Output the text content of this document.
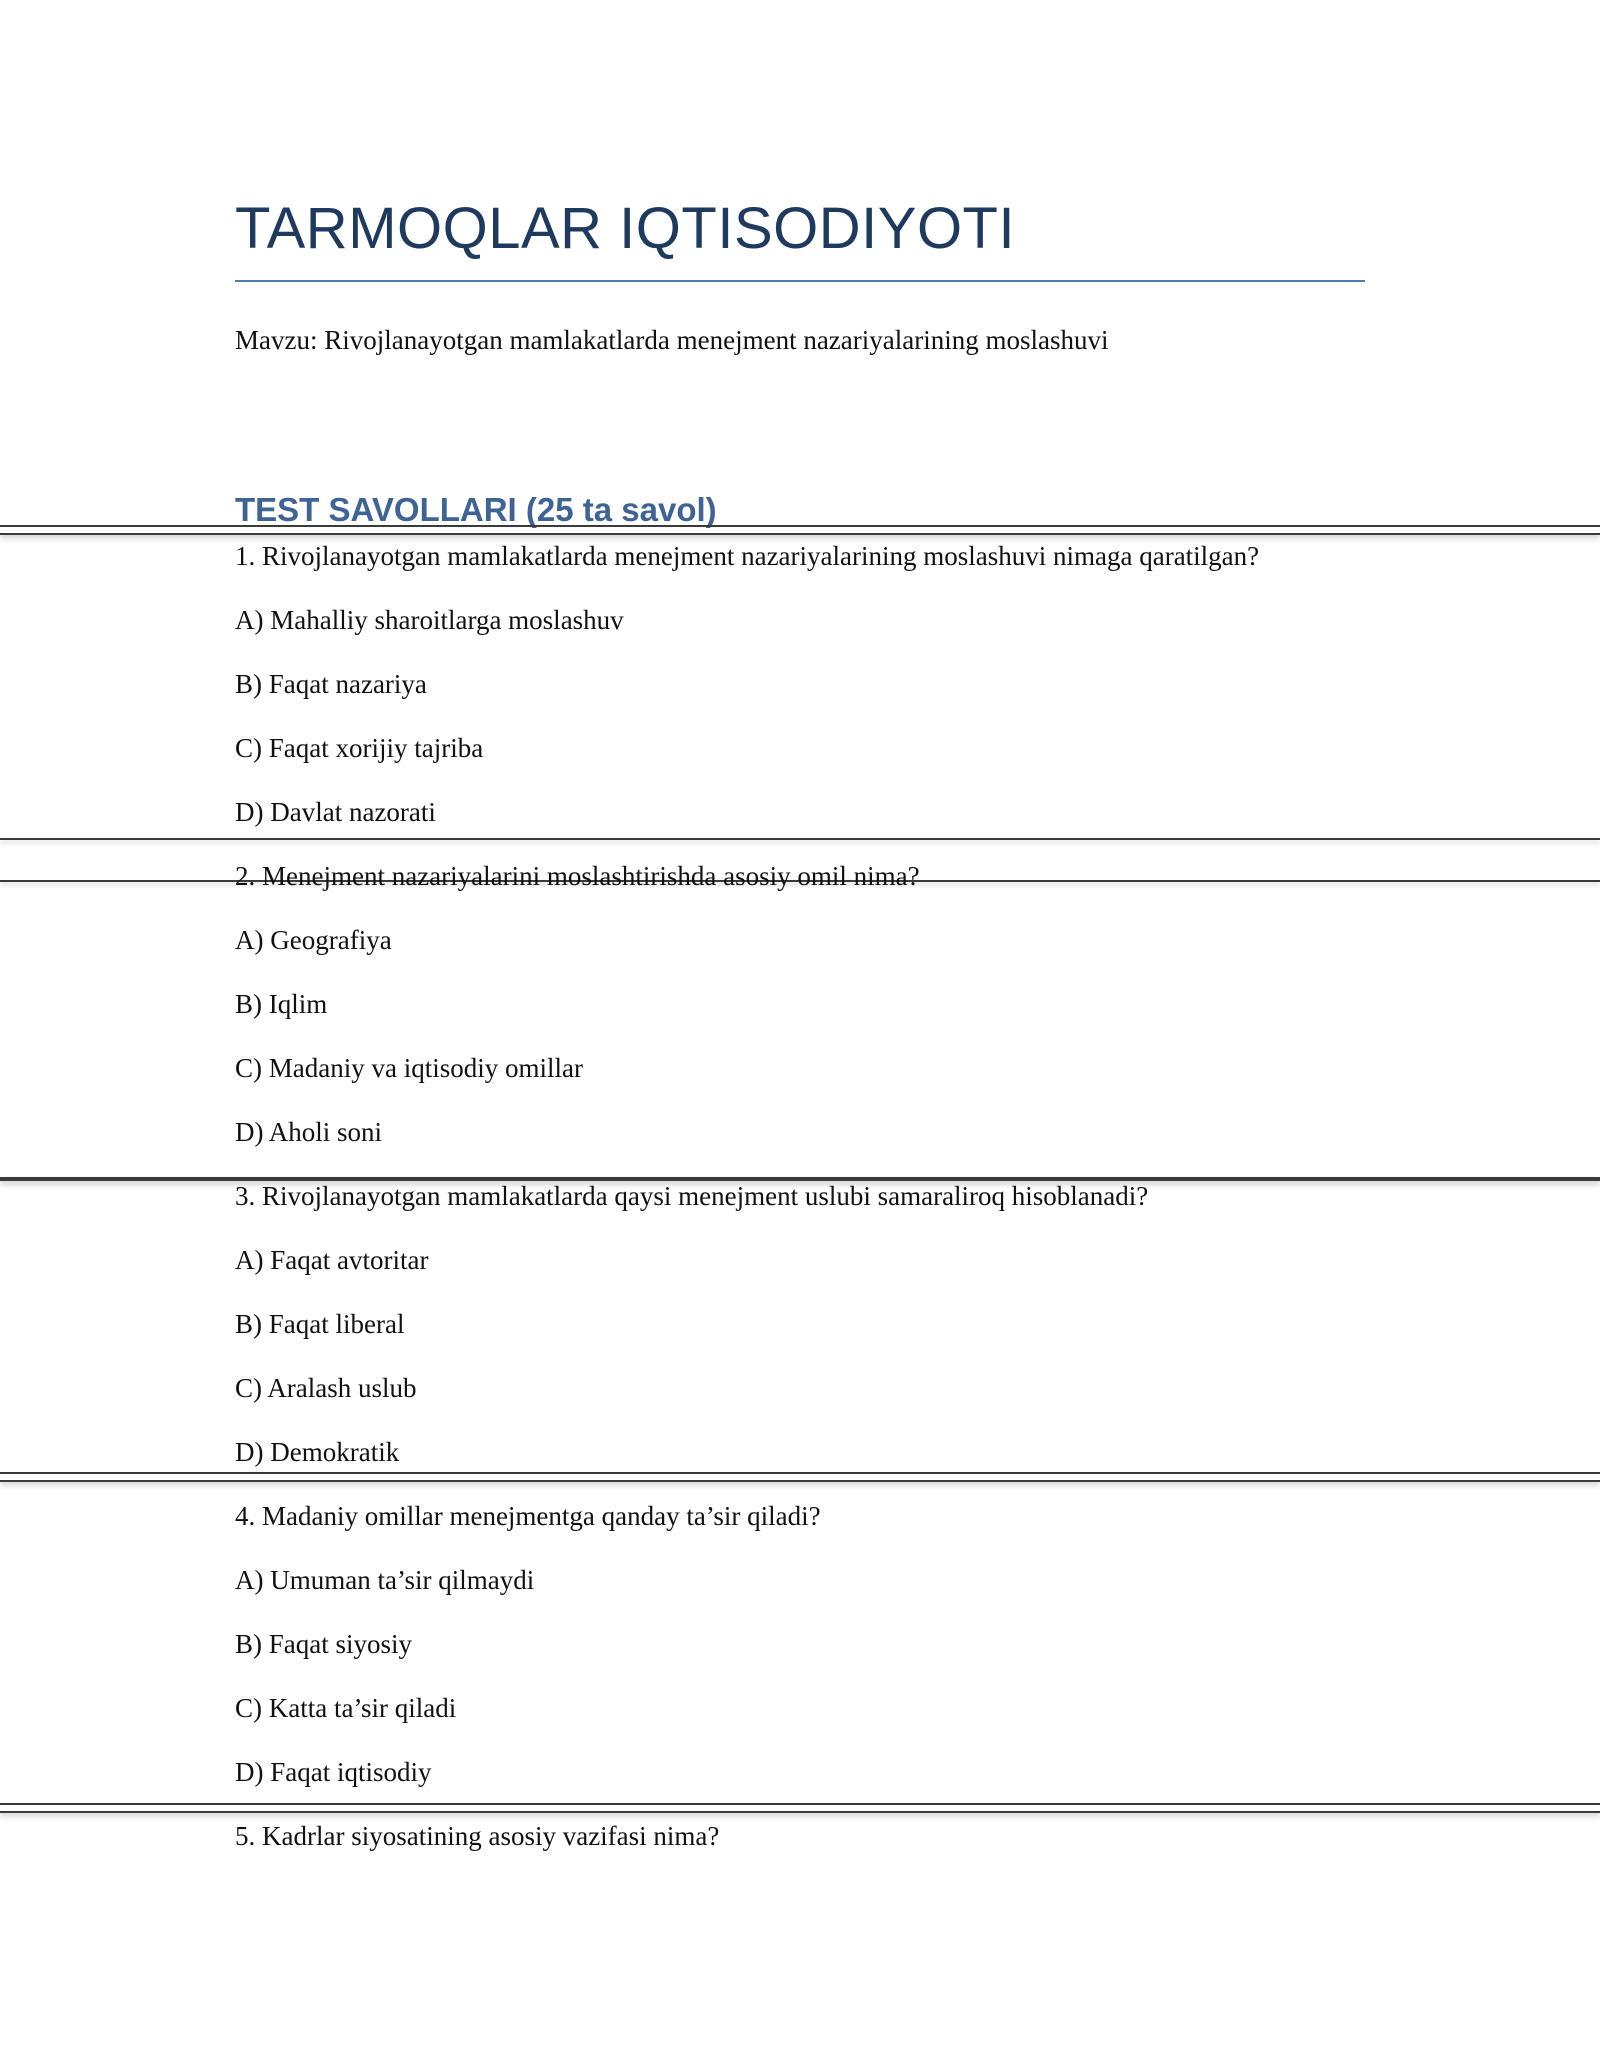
TARMOQLAR IQTISODIYOTI

Mavzu: Rivojlanayotgan mamlakatlarda menejment nazariyalarining moslashuvi

TEST SAVOLLARI (25 ta savol)

1. Rivojlanayotgan mamlakatlarda menejment nazariyalarining moslashuvi nimaga qaratilgan?

A) Mahalliy sharoitlarga moslashuv

B) Faqat nazariya

C) Faqat xorijiy tajriba

D) Davlat nazorati

2. Menejment nazariyalarini moslashtirishda asosiy omil nima?

A) Geografiya

B) Iqlim

C) Madaniy va iqtisodiy omillar

D) Aholi soni

3. Rivojlanayotgan mamlakatlarda qaysi menejment uslubi samaraliroq hisoblanadi?

A) Faqat avtoritar

B) Faqat liberal

C) Aralash uslub

D) Demokratik

4. Madaniy omillar menejmentga qanday ta’sir qiladi?

A) Umuman ta’sir qilmaydi

B) Faqat siyosiy

C) Katta ta’sir qiladi

D) Faqat iqtisodiy

5. Kadrlar siyosatining asosiy vazifasi nima?
